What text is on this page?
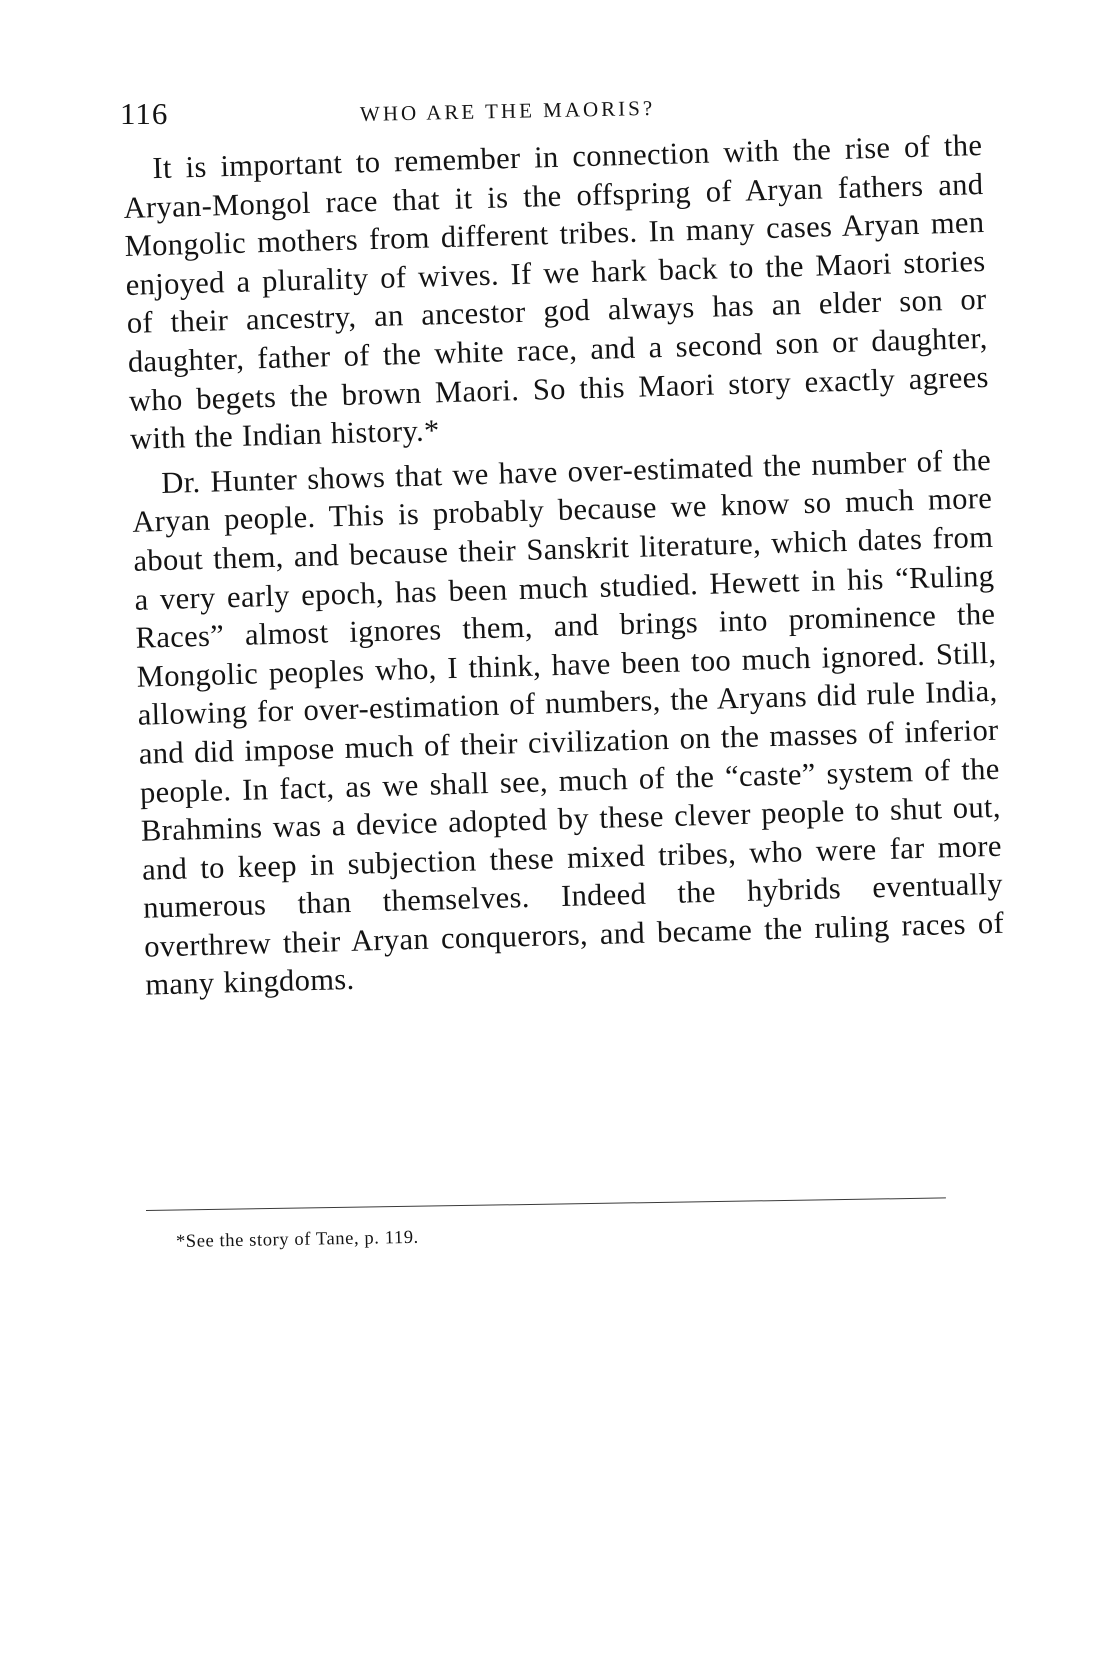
116	WHO ARE THE MAORIS?

It is important to remember in connection with the rise of the Aryan-Mongol race that it is the offspring of Aryan fathers and Mongolic mothers from different tribes. In many cases Aryan men enjoyed a plurality of wives. If we hark back to the Maori stories of their ancestry, an ancestor god always has an elder son or daughter, father of the white race, and a second son or daughter, who begets the brown Maori. So this Maori story exactly agrees with the Indian history.*

Dr. Hunter shows that we have over-estimated the number of the Aryan people. This is probably because we know so much more about them, and because their Sanskrit literature, which dates from a very early epoch, has been much studied. Hewett in his “Ruling Races” almost ignores them, and brings into prominence the Mongolic peoples who, I think, have been too much ignored. Still, allowing for over-estimation of numbers, the Aryans did rule India, and did impose much of their civilization on the masses of inferior people. In fact, as we shall see, much of the “caste” system of the Brahmins was a device adopted by these clever people to shut out, and to keep in subjection these mixed tribes, who were far more numerous than themselves. Indeed the hybrids eventually overthrew their Aryan conquerors, and became the ruling races of many kingdoms.

*See the story of Tane, p. 119.
